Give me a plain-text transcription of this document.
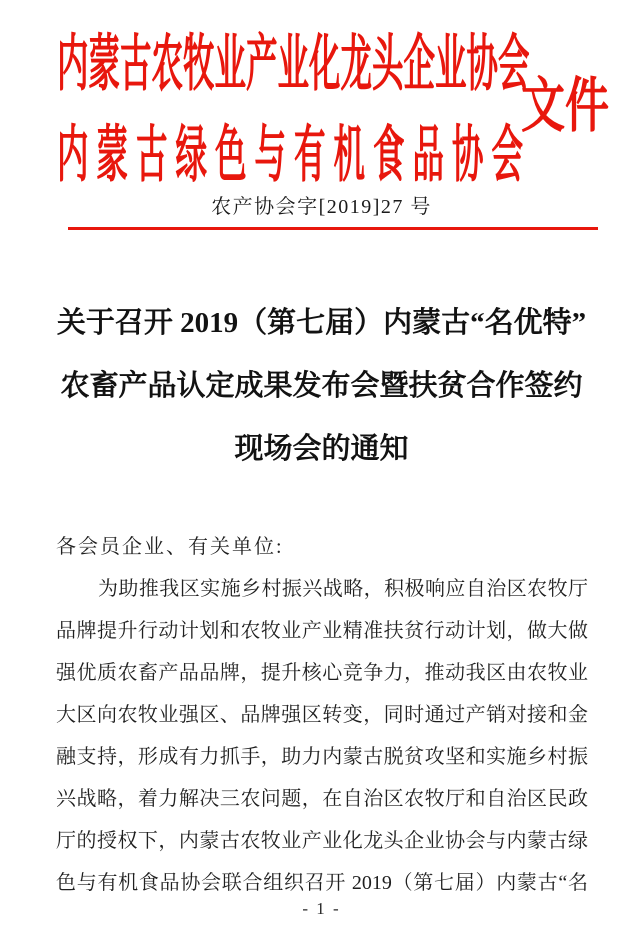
内蒙古农牧业产业化龙头企业协会
内蒙古绿色与有机食品协会
文件
农产协会字[2019]27 号
关于召开 2019（第七届）内蒙古“名优特”
农畜产品认定成果发布会暨扶贫合作签约
现场会的通知
各会员企业、有关单位:
为助推我区实施乡村振兴战略，积极响应自治区农牧厅
品牌提升行动计划和农牧业产业精准扶贫行动计划，做大做
强优质农畜产品品牌，提升核心竞争力，推动我区由农牧业
大区向农牧业强区、品牌强区转变，同时通过产销对接和金
融支持，形成有力抓手，助力内蒙古脱贫攻坚和实施乡村振
兴战略，着力解决三农问题，在自治区农牧厅和自治区民政
厅的授权下，内蒙古农牧业产业化龙头企业协会与内蒙古绿
色与有机食品协会联合组织召开 2019（第七届）内蒙古“名
- 1 -
